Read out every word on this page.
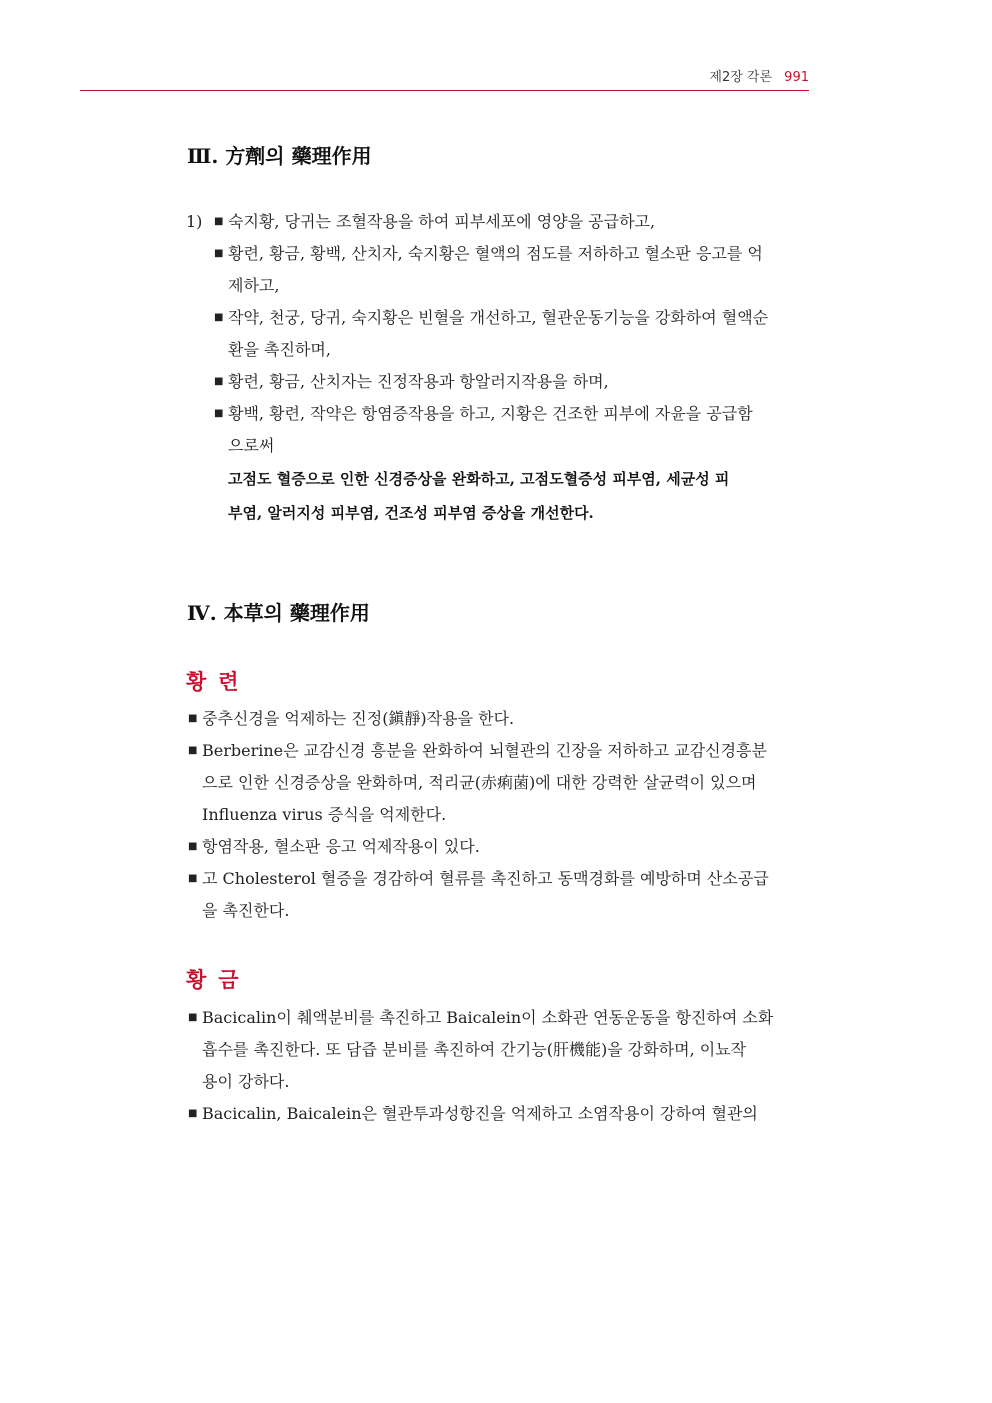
제2장 각론 991
Ⅲ. 方劑의 藥理作用
1) ■ 숙지황, 당귀는 조혈작용을 하여 피부세포에 영양을 공급하고,
■ 황련, 황금, 황백, 산치자, 숙지황은 혈액의 점도를 저하하고 혈소판 응고를 억
제하고,
■ 작약, 천궁, 당귀, 숙지황은 빈혈을 개선하고, 혈관운동기능을 강화하여 혈액순
환을 촉진하며,
■ 황련, 황금, 산치자는 진정작용과 항알러지작용을 하며,
■ 황백, 황련, 작약은 항염증작용을 하고, 지황은 건조한 피부에 자윤을 공급함
으로써
고점도 혈증으로 인한 신경증상을 완화하고, 고점도혈증성 피부염, 세균성 피
부염, 알러지성 피부염, 건조성 피부염 증상을 개선한다.
Ⅳ. 本草의 藥理作用
황련
■ 중추신경을 억제하는 진정(鎭靜)작용을 한다.
■ Berberine은 교감신경 흥분을 완화하여 뇌혈관의 긴장을 저하하고 교감신경흥분
으로 인한 신경증상을 완화하며, 적리균(赤痢菌)에 대한 강력한 살균력이 있으며
Influenza virus 증식을 억제한다.
■ 항염작용, 혈소판 응고 억제작용이 있다.
■ 고 Cholesterol 혈증을 경감하여 혈류를 촉진하고 동맥경화를 예방하며 산소공급
을 촉진한다.
황금
■ Bacicalin이 췌액분비를 촉진하고 Baicalein이 소화관 연동운동을 항진하여 소화
흡수를 촉진한다. 또 담즙 분비를 촉진하여 간기능(肝機能)을 강화하며, 이뇨작
용이 강하다.
■ Bacicalin, Baicalein은 혈관투과성항진을 억제하고 소염작용이 강하여 혈관의
